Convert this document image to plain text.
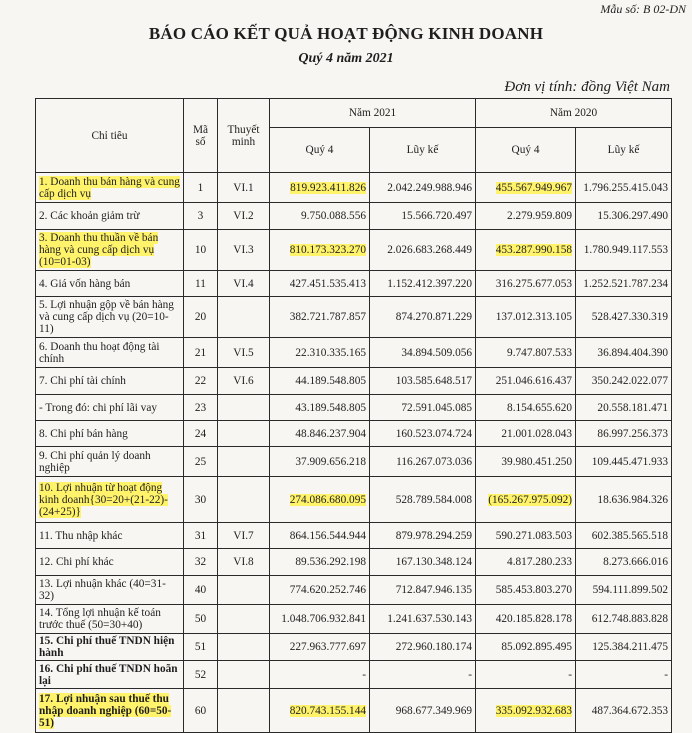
Mẫu số: B 02-DN
BÁO CÁO KẾT QUẢ HOẠT ĐỘNG KINH DOANH
Quý 4 năm 2021
Đơn vị tính: đồng Việt Nam
Chỉ tiêu	Mã số	Thuyết minh	Năm 2021		Năm 2020	
			Quý 4	Lũy kế	Quý 4	Lũy kế
1. Doanh thu bán hàng và cung cấp dịch vụ	1	VI.1	819.923.411.826	2.042.249.988.946	455.567.949.967	1.796.255.415.043
2. Các khoản giảm trừ	3	VI.2	9.750.088.556	15.566.720.497	2.279.959.809	15.306.297.490
3. Doanh thu thuần về bán hàng và cung cấp dịch vụ (10=01-03)	10	VI.3	810.173.323.270	2.026.683.268.449	453.287.990.158	1.780.949.117.553
4. Giá vốn hàng bán	11	VI.4	427.451.535.413	1.152.412.397.220	316.275.677.053	1.252.521.787.234
5. Lợi nhuận gộp về bán hàng và cung cấp dịch vụ (20=10-11)	20		382.721.787.857	874.270.871.229	137.012.313.105	528.427.330.319
6. Doanh thu hoạt động tài chính	21	VI.5	22.310.335.165	34.894.509.056	9.747.807.533	36.894.404.390
7. Chi phí tài chính	22	VI.6	44.189.548.805	103.585.648.517	251.046.616.437	350.242.022.077
- Trong đó: chi phí lãi vay	23		43.189.548.805	72.591.045.085	8.154.655.620	20.558.181.471
8. Chi phí bán hàng	24		48.846.237.904	160.523.074.724	21.001.028.043	86.997.256.373
9. Chi phí quản lý doanh nghiệp	25		37.909.656.218	116.267.073.036	39.980.451.250	109.445.471.933
10. Lợi nhuận từ hoạt động kinh doanh{30=20+(21-22)-(24+25)}	30		274.086.680.095	528.789.584.008	(165.267.975.092)	18.636.984.326
11. Thu nhập khác	31	VI.7	864.156.544.944	879.978.294.259	590.271.083.503	602.385.565.518
12. Chi phí khác	32	VI.8	89.536.292.198	167.130.348.124	4.817.280.233	8.273.666.016
13. Lợi nhuận khác (40=31-32)	40		774.620.252.746	712.847.946.135	585.453.803.270	594.111.899.502
14. Tổng lợi nhuận kế toán trước thuế (50=30+40)	50		1.048.706.932.841	1.241.637.530.143	420.185.828.178	612.748.883.828
15. Chi phí thuế TNDN hiện hành	51		227.963.777.697	272.960.180.174	85.092.895.495	125.384.211.475
16. Chi phí thuế TNDN hoãn lại	52		-	-	-	-
17. Lợi nhuận sau thuế thu nhập doanh nghiệp (60=50-51)	60		820.743.155.144	968.677.349.969	335.092.932.683	487.364.672.353
